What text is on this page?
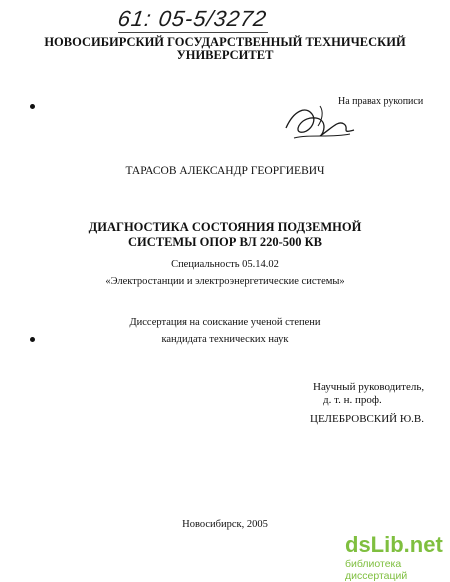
61: 05-5/3272
НОВОСИБИРСКИЙ ГОСУДАРСТВЕННЫЙ ТЕХНИЧЕСКИЙ
УНИВЕРСИТЕТ
На правах рукописи
ТАРАСОВ АЛЕКСАНДР ГЕОРГИЕВИЧ
ДИАГНОСТИКА СОСТОЯНИЯ ПОДЗЕМНОЙ
СИСТЕМЫ ОПОР ВЛ 220-500 КВ
Специальность 05.14.02
«Электростанции и электроэнергетические системы»
Диссертация на соискание ученой степени
кандидата технических наук
Научный руководитель,
д. т. н. проф.
ЦЕЛЕБРОВСКИЙ Ю.В.
Новосибирск, 2005
dsLib.net
библиотека диссертаций
